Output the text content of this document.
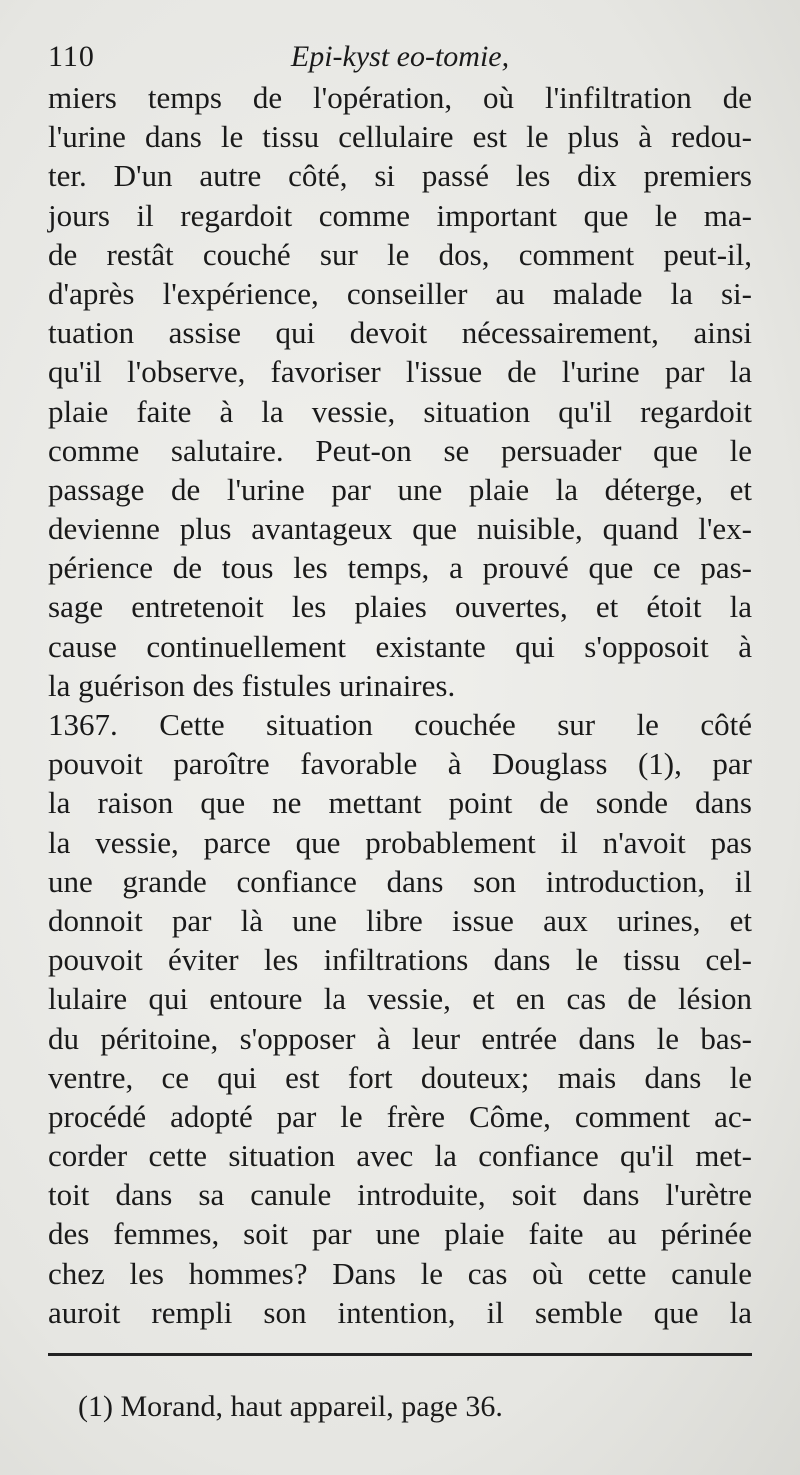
110	Epi-kyst eo-tomie,
miers temps de l'opération, où l'infiltration de
l'urine dans le tissu cellulaire est le plus à redou-
ter. D'un autre côté, si passé les dix premiers
jours il regardoit comme important que le ma-
de restât couché sur le dos, comment peut-il,
d'après l'expérience, conseiller au malade la si-
tuation assise qui devoit nécessairement, ainsi
qu'il l'observe, favoriser l'issue de l'urine par la
plaie faite à la vessie, situation qu'il regardoit
comme salutaire. Peut-on se persuader que le
passage de l'urine par une plaie la déterge, et
devienne plus avantageux que nuisible, quand l'ex-
périence de tous les temps, a prouvé que ce pas-
sage entretenoit les plaies ouvertes, et étoit la
cause continuellement existante qui s'opposoit à
la guérison des fistules urinaires.
1367. Cette situation couchée sur le côté
pouvoit paroître favorable à Douglass (1), par
la raison que ne mettant point de sonde dans
la vessie, parce que probablement il n'avoit pas
une grande confiance dans son introduction, il
donnoit par là une libre issue aux urines, et
pouvoit éviter les infiltrations dans le tissu cel-
lulaire qui entoure la vessie, et en cas de lésion
du péritoine, s'opposer à leur entrée dans le bas-
ventre, ce qui est fort douteux; mais dans le
procédé adopté par le frère Côme, comment ac-
corder cette situation avec la confiance qu'il met-
toit dans sa canule introduite, soit dans l'urètre
des femmes, soit par une plaie faite au périnée
chez les hommes? Dans le cas où cette canule
auroit rempli son intention, il semble que la
(1) Morand, haut appareil, page 36.
